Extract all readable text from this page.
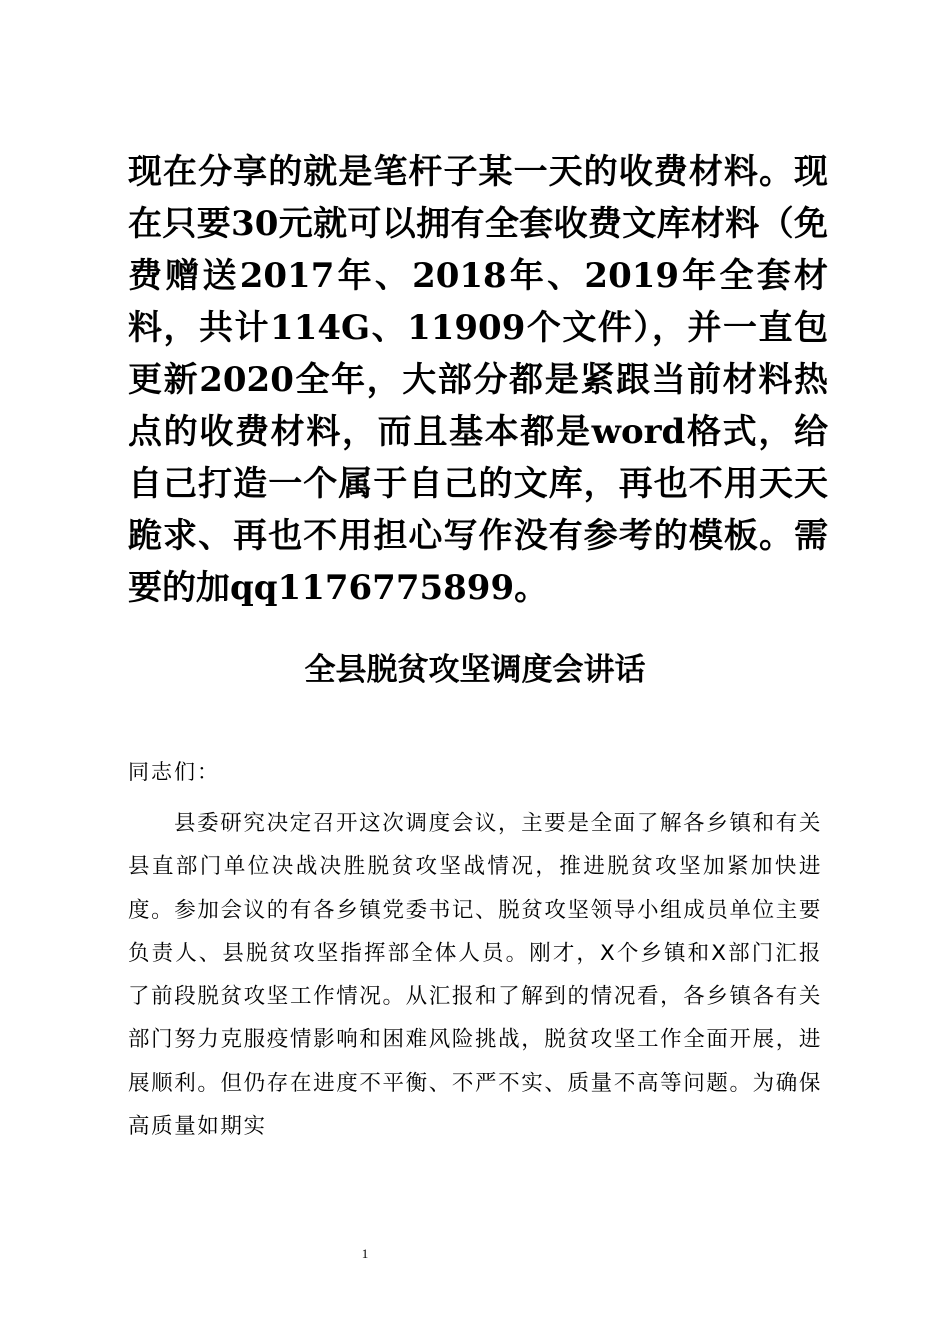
现在分享的就是笔杆子某一天的收费材料。现在只要30元就可以拥有全套收费文库材料（免费赠送2017年、2018年、2019年全套材料，共计114G、11909个文件），并一直包更新2020全年，大部分都是紧跟当前材料热点的收费材料，而且基本都是word格式，给自己打造一个属于自己的文库，再也不用天天跪求、再也不用担心写作没有参考的模板。需要的加qq1176775899。

全县脱贫攻坚调度会讲话

同志们：

县委研究决定召开这次调度会议，主要是全面了解各乡镇和有关县直部门单位决战决胜脱贫攻坚战情况，推进脱贫攻坚加紧加快进度。参加会议的有各乡镇党委书记、脱贫攻坚领导小组成员单位主要负责人、县脱贫攻坚指挥部全体人员。刚才，X个乡镇和X部门汇报了前段脱贫攻坚工作情况。从汇报和了解到的情况看，各乡镇各有关部门努力克服疫情影响和困难风险挑战，脱贫攻坚工作全面开展，进展顺利。但仍存在进度不平衡、不严不实、质量不高等问题。为确保高质量如期实

1
